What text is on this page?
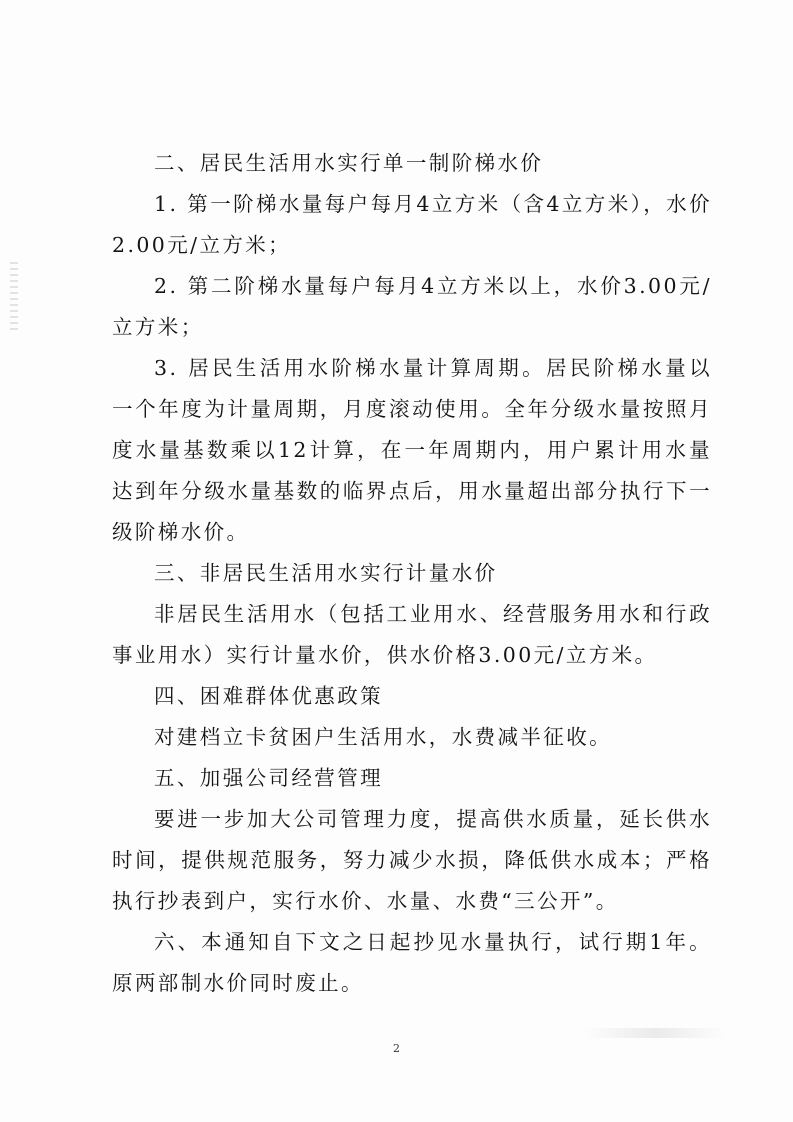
二、居民生活用水实行单一制阶梯水价

1. 第一阶梯水量每户每月4立方米（含4立方米），水价2.00元/立方米；

2. 第二阶梯水量每户每月4立方米以上，水价3.00元/立方米；

3. 居民生活用水阶梯水量计算周期。居民阶梯水量以一个年度为计量周期，月度滚动使用。全年分级水量按照月度水量基数乘以12计算，在一年周期内，用户累计用水量达到年分级水量基数的临界点后，用水量超出部分执行下一级阶梯水价。

三、非居民生活用水实行计量水价

非居民生活用水（包括工业用水、经营服务用水和行政事业用水）实行计量水价，供水价格3.00元/立方米。

四、困难群体优惠政策

对建档立卡贫困户生活用水，水费减半征收。

五、加强公司经营管理

要进一步加大公司管理力度，提高供水质量，延长供水时间，提供规范服务，努力减少水损，降低供水成本；严格执行抄表到户，实行水价、水量、水费“三公开”。

六、本通知自下文之日起抄见水量执行，试行期1年。原两部制水价同时废止。

2
